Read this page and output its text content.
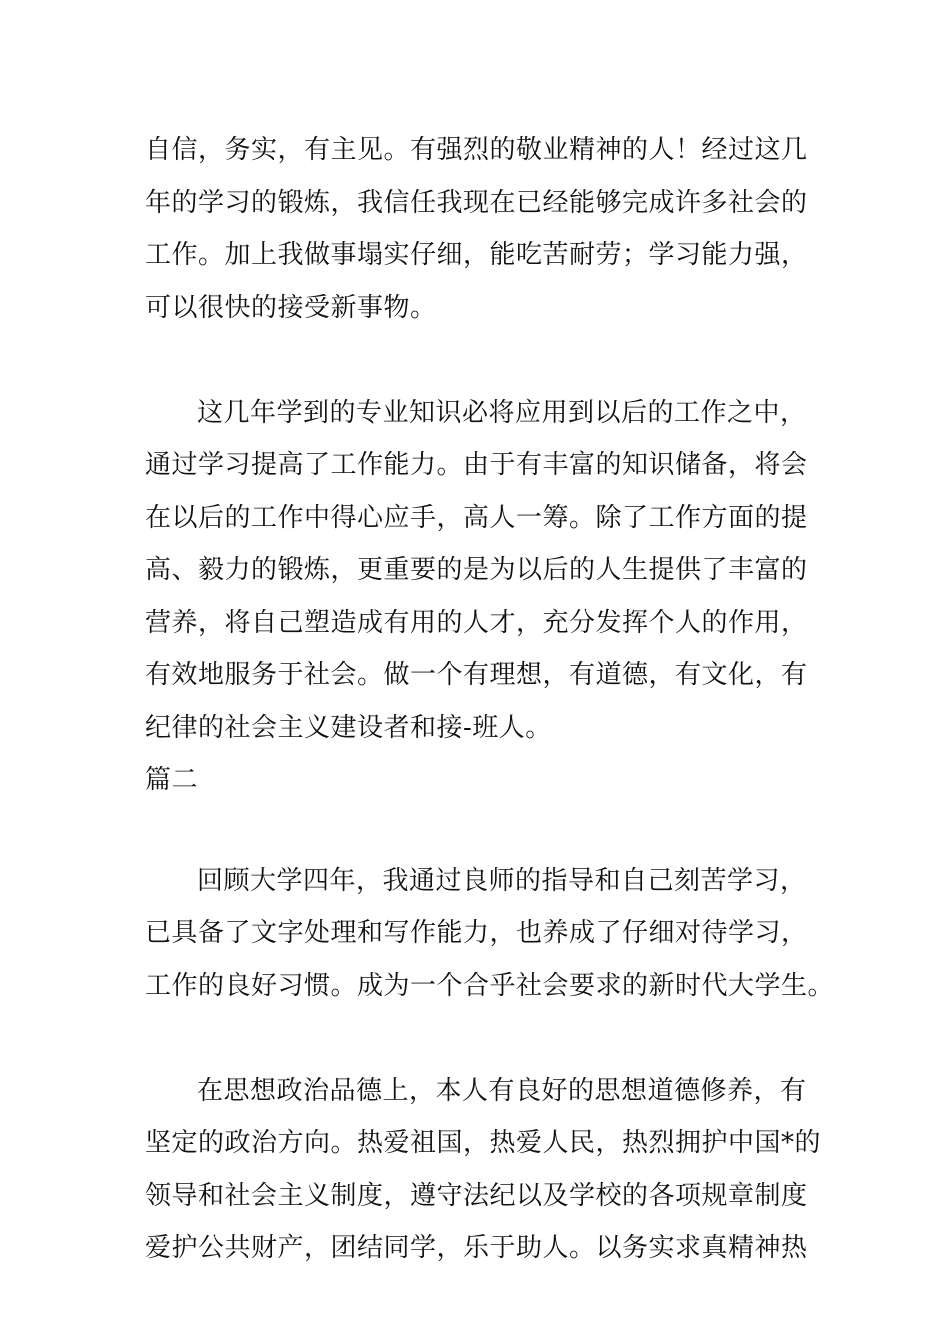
自信，务实，有主见。有强烈的敬业精神的人！经过这几
年的学习的锻炼，我信任我现在已经能够完成许多社会的
工作。加上我做事塌实仔细，能吃苦耐劳；学习能力强，
可以很快的接受新事物。
这几年学到的专业知识必将应用到以后的工作之中，
通过学习提高了工作能力。由于有丰富的知识储备，将会
在以后的工作中得心应手，高人一筹。除了工作方面的提
高、毅力的锻炼，更重要的是为以后的人生提供了丰富的
营养，将自己塑造成有用的人才，充分发挥个人的作用，
有效地服务于社会。做一个有理想，有道德，有文化，有
纪律的社会主义建设者和接-班人。
篇二
回顾大学四年，我通过良师的指导和自己刻苦学习，
已具备了文字处理和写作能力，也养成了仔细对待学习，
工作的良好习惯。成为一个合乎社会要求的新时代大学生。
在思想政治品德上，本人有良好的思想道德修养，有
坚定的政治方向。热爱祖国，热爱人民，热烈拥护中国*的
领导和社会主义制度，遵守法纪以及学校的各项规章制度
爱护公共财产，团结同学，乐于助人。以务实求真精神热
